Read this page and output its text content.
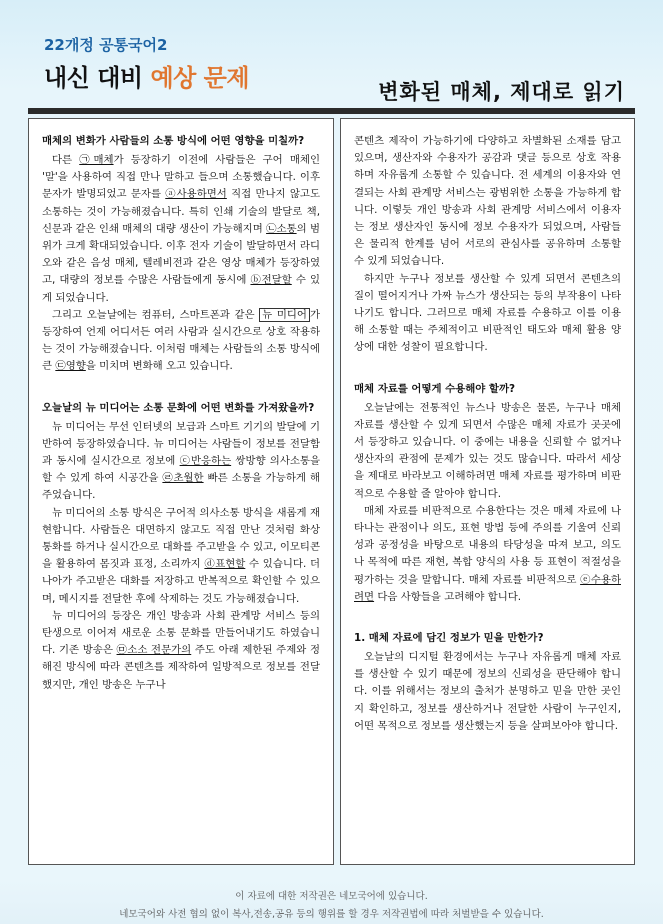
22개정 공통국어2
내신 대비 예상 문제	변화된 매체, 제대로 읽기
매체의 변화가 사람들의 소통 방식에 어떤 영향을 미칠까?

다른 ㉠매체가 등장하기 이전에 사람들은 구어 매체인 '말'을 사용하여 직접 만나 말하고 들으며 소통했습니다. 이후 문자가 발명되었고 문자를 ⓐ사용하면서 직접 만나지 않고도 소통하는 것이 가능해졌습니다. 특히 인쇄 기술의 발달로 책, 신문과 같은 인쇄 매체의 대량 생산이 가능해지며 ㉡소통의 범위가 크게 확대되었습니다. 이후 전자 기술이 발달하면서 라디오와 같은 음성 매체, 텔레비전과 같은 영상 매체가 등장하였고, 대량의 정보를 수많은 사람들에게 동시에 ⓑ전달할 수 있게 되었습니다.

그리고 오늘날에는 컴퓨터, 스마트폰과 같은 뉴 미디어 가 등장하여 언제 어디서든 여러 사람과 실시간으로 상호 작용하는 것이 가능해졌습니다. 이처럼 매체는 사람들의 소통 방식에 큰 ㉢영향을 미치며 변화해 오고 있습니다.

오늘날의 뉴 미디어는 소통 문화에 어떤 변화를 가져왔을까?

뉴 미디어는 무선 인터넷의 보급과 스마트 기기의 발달에 기반하여 등장하였습니다. 뉴 미디어는 사람들이 정보를 전달함과 동시에 실시간으로 정보에 ⓒ반응하는 쌍방향 의사소통을 할 수 있게 하여 시공간을 ㉣초월한 빠른 소통을 가능하게 해 주었습니다.

뉴 미디어의 소통 방식은 구어적 의사소통 방식을 새롭게 재현합니다. 사람들은 대면하지 않고도 직접 만난 것처럼 화상 통화를 하거나 실시간으로 대화를 주고받을 수 있고, 이모티콘을 활용하여 몸짓과 표정, 소리까지 ⓓ표현할 수 있습니다. 더 나아가 주고받은 대화를 저장하고 반복적으로 확인할 수 있으며, 메시지를 전달한 후에 삭제하는 것도 가능해졌습니다.

뉴 미디어의 등장은 개인 방송과 사회 관계망 서비스 등의 탄생으로 이어져 새로운 소통 문화를 만들어내기도 하였습니다. 기존 방송은 ㉤소소 전문가의 주도 아래 제한된 주제와 정해진 방식에 따라 콘텐츠를 제작하여 일방적으로 정보를 전달했지만, 개인 방송은 누구나

콘텐츠 제작이 가능하기에 다양하고 차별화된 소재를 담고 있으며, 생산자와 수용자가 공감과 댓글 등으로 상호 작용하며 자유롭게 소통할 수 있습니다. 전 세계의 이용자와 연결되는 사회 관계망 서비스는 광범위한 소통을 가능하게 합니다. 이렇듯 개인 방송과 사회 관계망 서비스에서 이용자는 정보 생산자인 동시에 정보 수용자가 되었으며, 사람들은 물리적 한계를 넘어 서로의 관심사를 공유하며 소통할 수 있게 되었습니다.

하지만 누구나 정보를 생산할 수 있게 되면서 콘텐츠의 질이 떨어지거나 가짜 뉴스가 생산되는 등의 부작용이 나타나기도 합니다. 그러므로 매체 자료를 수용하고 이를 이용해 소통할 때는 주체적이고 비판적인 태도와 매체 활용 양상에 대한 성찰이 필요합니다.

매체 자료를 어떻게 수용해야 할까?

오늘날에는 전통적인 뉴스나 방송은 물론, 누구나 매체 자료를 생산할 수 있게 되면서 수많은 매체 자료가 곳곳에서 등장하고 있습니다. 이 중에는 내용을 신뢰할 수 없거나 생산자의 관점에 문제가 있는 것도 많습니다. 따라서 세상을 제대로 바라보고 이해하려면 매체 자료를 평가하며 비판적으로 수용할 줄 알아야 합니다.

매체 자료를 비판적으로 수용한다는 것은 매체 자료에 나타나는 관점이나 의도, 표현 방법 등에 주의를 기울여 신뢰성과 공정성을 바탕으로 내용의 타당성을 따져 보고, 의도나 목적에 따른 재현, 복합 양식의 사용 등 표현이 적절성을 평가하는 것을 말합니다. 매체 자료를 비판적으로 ⓔ수용하려면 다음 사항들을 고려해야 합니다.

1. 매체 자료에 담긴 정보가 믿을 만한가?

오늘날의 디지털 환경에서는 누구나 자유롭게 매체 자료를 생산할 수 있기 때문에 정보의 신뢰성을 판단해야 합니다. 이를 위해서는 정보의 출처가 분명하고 믿을 만한 곳인지 확인하고, 정보를 생산하거나 전달한 사람이 누구인지, 어떤 목적으로 정보를 생산했는지 등을 살펴보아야 합니다.

이 자료에 대한 저작권은 네모국어에 있습니다.
네모국어와 사전 협의 없이 복사,전송,공유 등의 행위를 할 경우 저작권법에 따라 처벌받을 수 있습니다.
